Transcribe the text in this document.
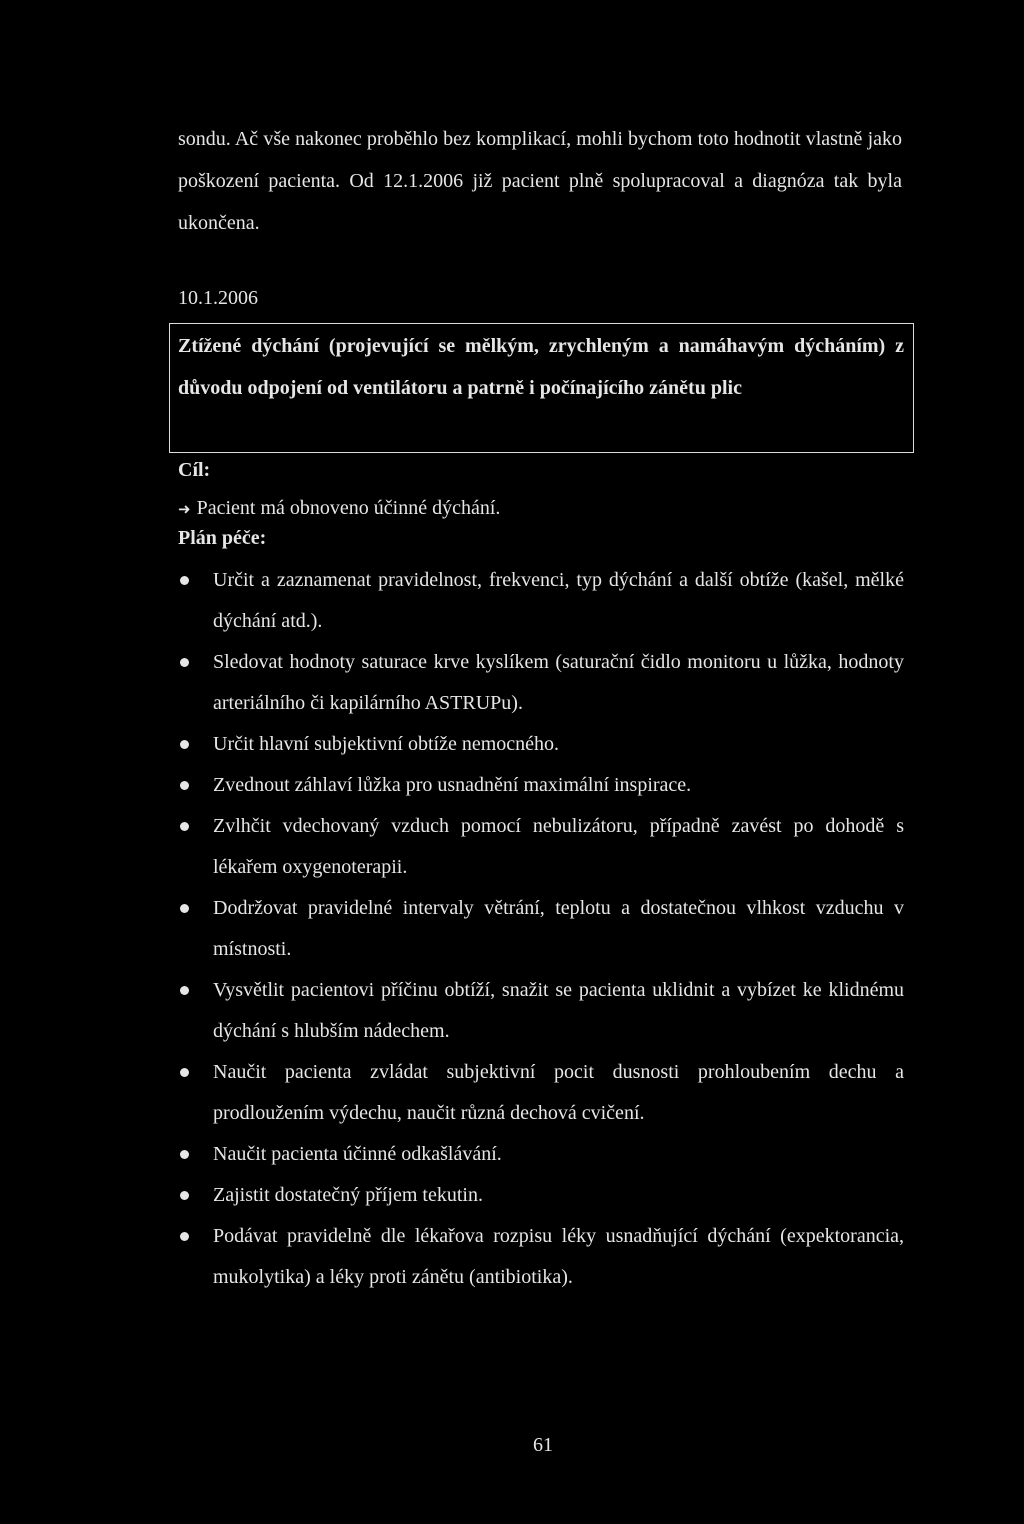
sondu. Ač vše nakonec proběhlo bez komplikací, mohli bychom toto hodnotit vlastně jako poškození pacienta. Od 12.1.2006 již pacient plně spolupracoval a diagnóza tak byla ukončena.

10.1.2006

Ztížené dýchání (projevující se mělkým, zrychleným a namáhavým dýcháním) z důvodu odpojení od ventilátoru a patrně i počínajícího zánětu plic

Cíl:

➜ Pacient má obnoveno účinné dýchání.

Plán péče:

Určit a zaznamenat pravidelnost, frekvenci, typ dýchání a další obtíže (kašel, mělké dýchání atd.).
Sledovat hodnoty saturace krve kyslíkem (saturační čidlo monitoru u lůžka, hodnoty arteriálního či kapilárního ASTRUPu).
Určit hlavní subjektivní obtíže nemocného.
Zvednout záhlaví lůžka pro usnadnění maximální inspirace.
Zvlhčit vdechovaný vzduch pomocí nebulizátoru, případně zavést po dohodě s lékařem oxygenoterapii.
Dodržovat pravidelné intervaly větrání, teplotu a dostatečnou vlhkost vzduchu v místnosti.
Vysvětlit pacientovi příčinu obtíží, snažit se pacienta uklidnit a vybízet ke klidnému dýchání s hlubším nádechem.
Naučit pacienta zvládat subjektivní pocit dusnosti prohloubením dechu a prodloužením výdechu, naučit různá dechová cvičení.
Naučit pacienta účinné odkašlávání.
Zajistit dostatečný příjem tekutin.
Podávat pravidelně dle lékařova rozpisu léky usnadňující dýchání (expektorancia, mukolytika) a léky proti zánětu (antibiotika).

61
